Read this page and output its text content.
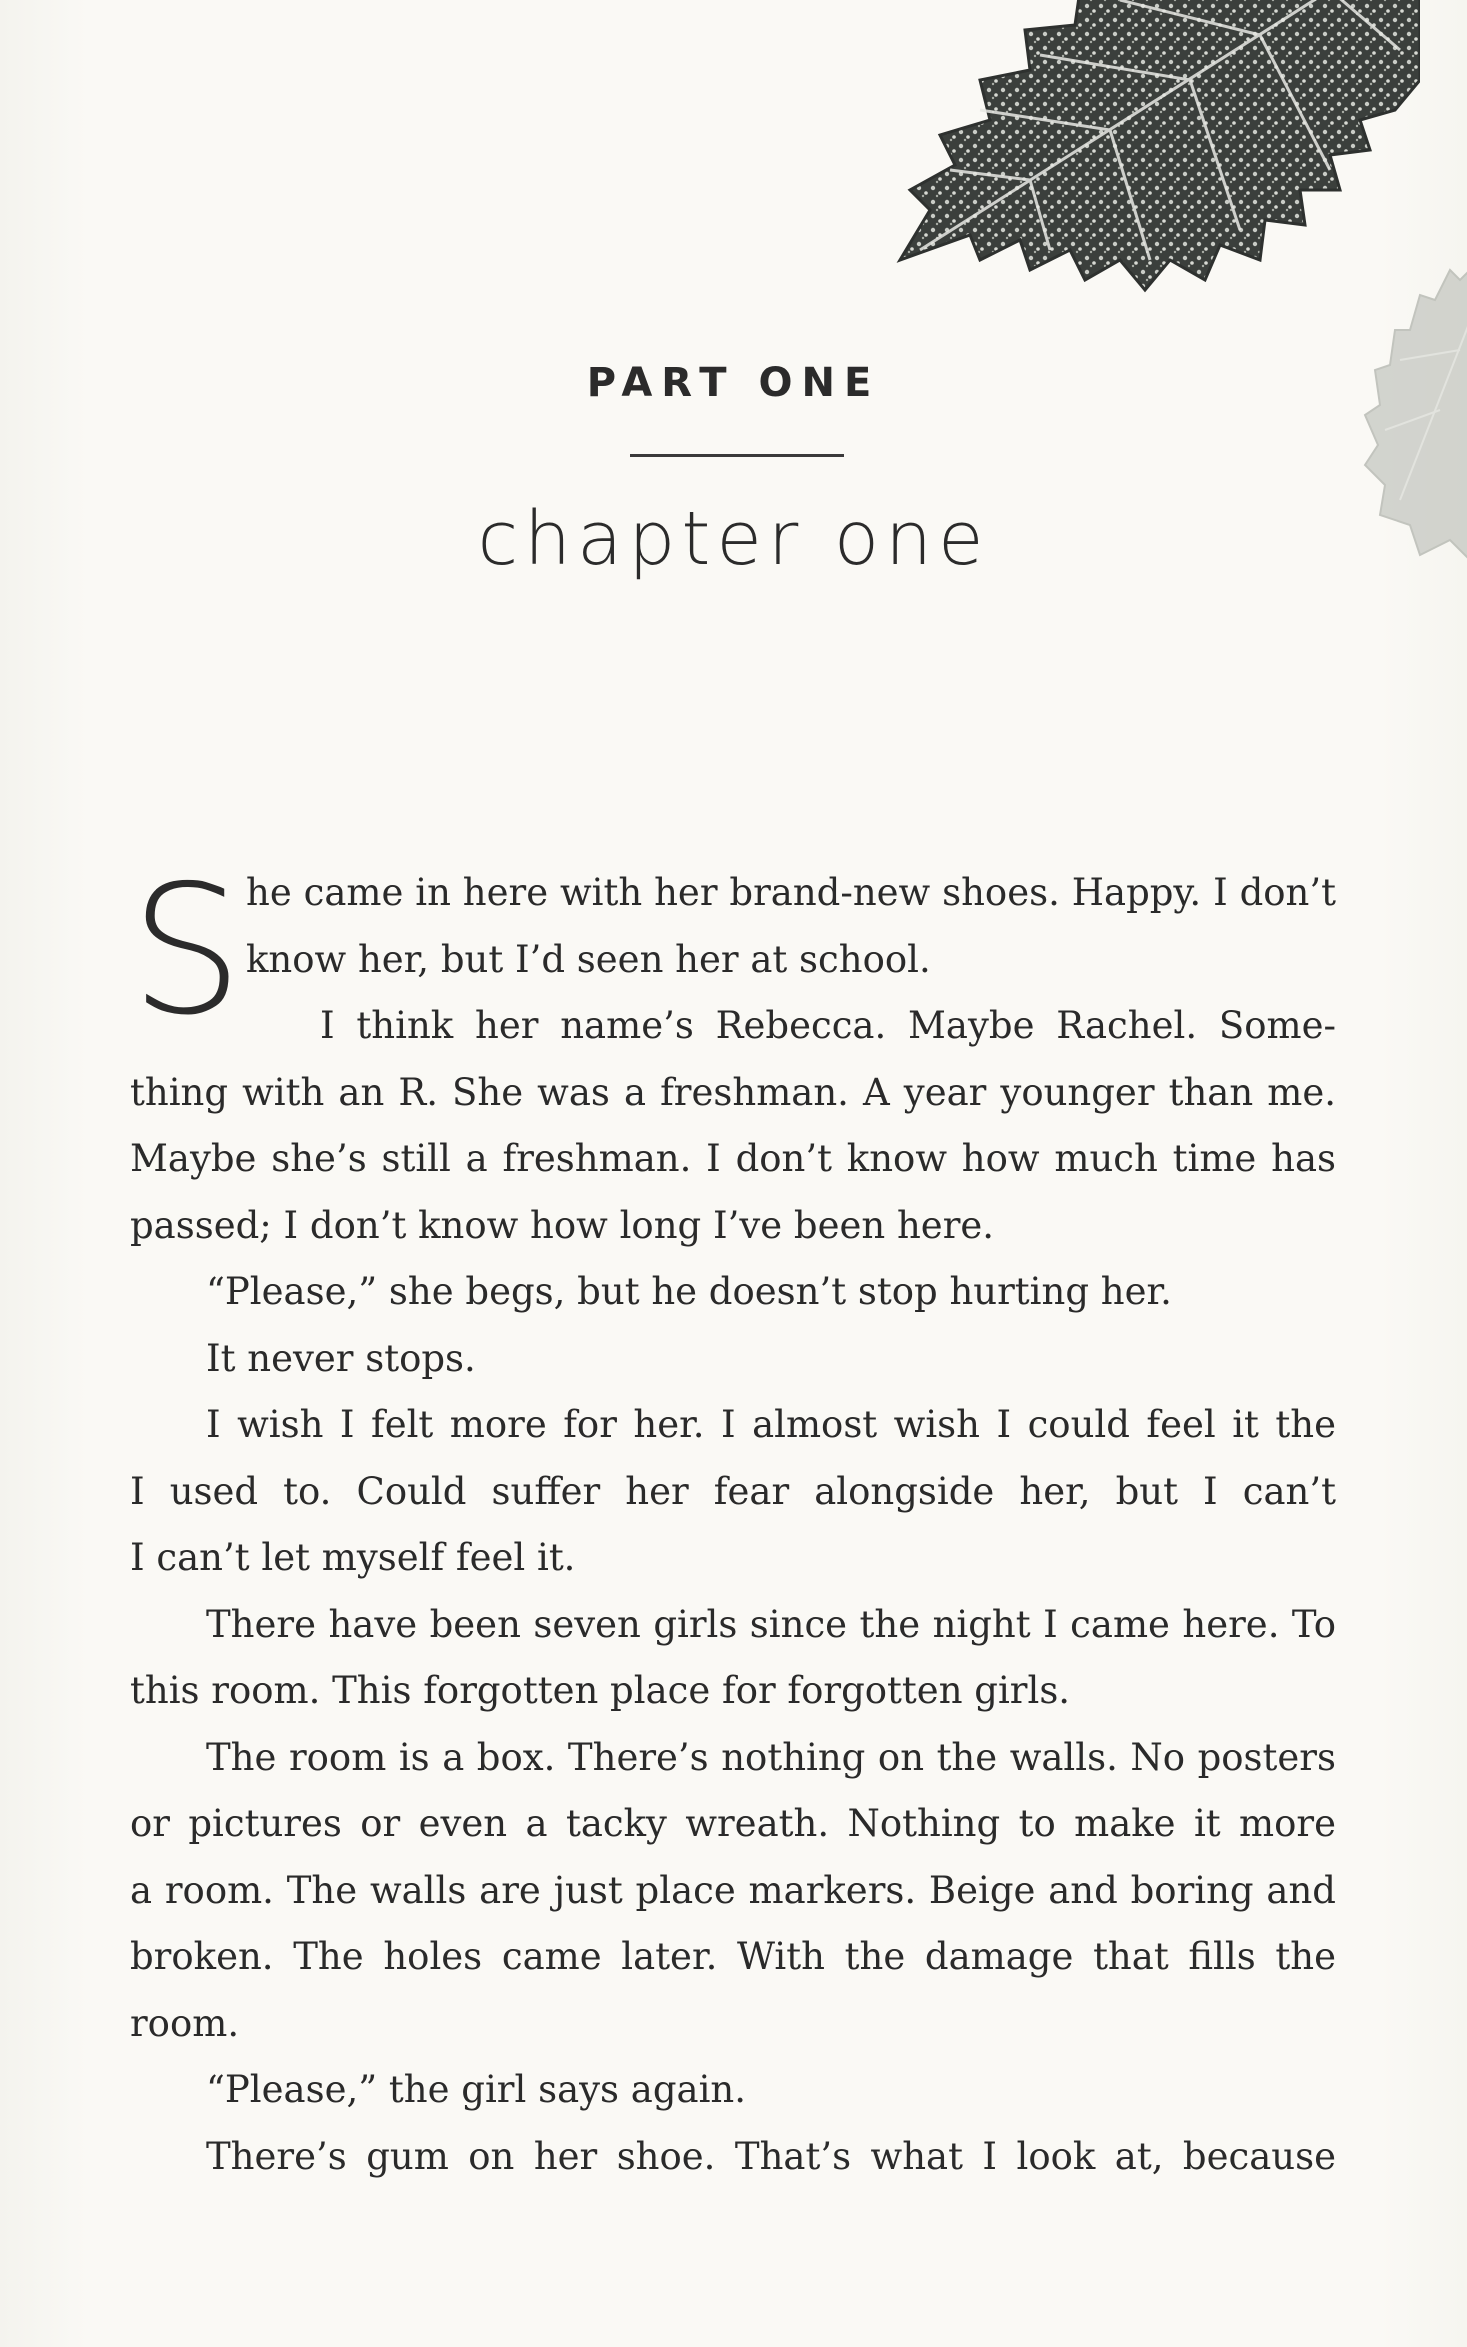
PART ONE
chapter one
S he came in here with her brand-new shoes. Happy. I don’t
know her, but I’d seen her at school.
I think her name’s Rebecca. Maybe Rachel. Some-
thing with an R. She was a freshman. A year younger than me.
Maybe she’s still a freshman. I don’t know how much time has
passed; I don’t know how long I’ve been here.
“Please,” she begs, but he doesn’t stop hurting her.
It never stops.
I wish I felt more for her. I almost wish I could feel it the
I used to. Could suffer her fear alongside her, but I can’t
I can’t let myself feel it.
There have been seven girls since the night I came here. To
this room. This forgotten place for forgotten girls.
The room is a box. There’s nothing on the walls. No posters
or pictures or even a tacky wreath. Nothing to make it more
a room. The walls are just place markers. Beige and boring and
broken. The holes came later. With the damage that fills the
room.
“Please,” the girl says again.
There’s gum on her shoe. That’s what I look at, because
